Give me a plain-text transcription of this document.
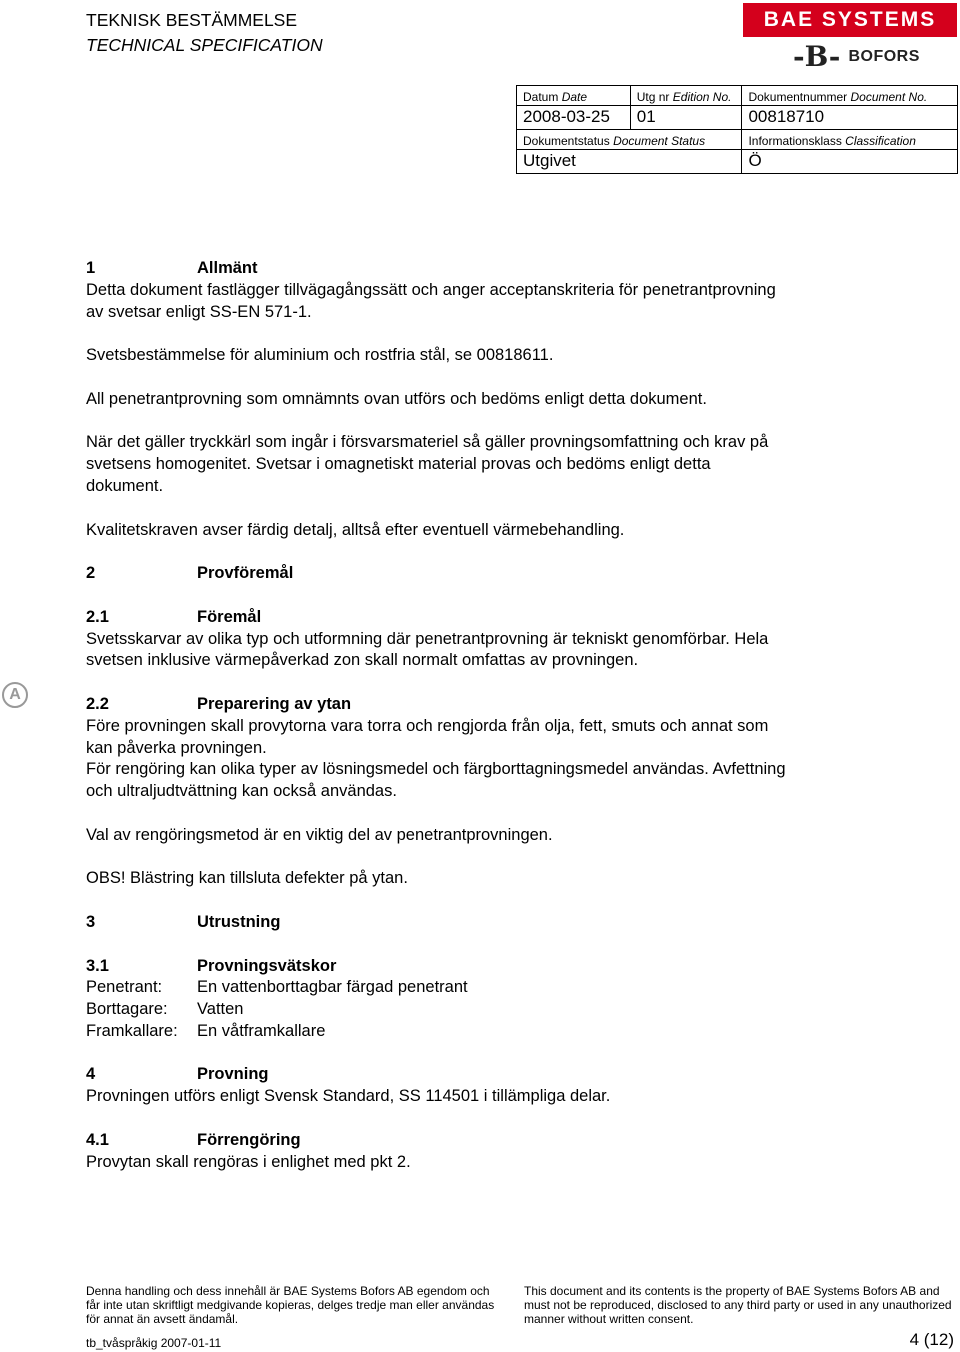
TEKNISK BESTÄMMELSE
TECHNICAL SPECIFICATION
BAE SYSTEMS
-B- BOFORS
Datum Date	Utg nr Edition No.	Dokumentnummer Document No.
2008-03-25	01	00818710
Dokumentstatus Document Status		Informationsklass Classification
Utgivet		Ö
A
1	Allmänt

Detta dokument fastlägger tillvägagångssätt och anger acceptanskriteria för penetrantprovning av svetsar enligt SS-EN 571-1.

Svetsbestämmelse för aluminium och rostfria stål, se 00818611.

All penetrantprovning som omnämnts ovan utförs och bedöms enligt detta dokument.

När det gäller tryckkärl som ingår i försvarsmateriel så gäller provningsomfattning och krav på svetsens homogenitet. Svetsar i omagnetiskt material provas och bedöms enligt detta dokument.

Kvalitetskraven avser färdig detalj, alltså efter eventuell värmebehandling.

2	Provföremål

2.1	Föremål

Svetsskarvar av olika typ och utformning där penetrantprovning är tekniskt genomförbar. Hela svetsen inklusive värmepåverkad zon skall normalt omfattas av provningen.

2.2	Preparering av ytan

Före provningen skall provytorna vara torra och rengjorda från olja, fett, smuts och annat som kan påverka provningen.

För rengöring kan olika typer av lösningsmedel och färgborttagningsmedel användas. Avfettning och ultraljudtvättning kan också användas.

Val av rengöringsmetod är en viktig del av penetrantprovningen.

OBS! Blästring kan tillsluta defekter på ytan.

3	Utrustning

3.1	Provningsvätskor
Penetrant:	En vattenborttagbar färgad penetrant
Borttagare:	Vatten

Framkallare:	En våtframkallare

4	Provning

Provningen utförs enligt Svensk Standard, SS 114501 i tillämpliga delar.

4.1	Förrengöring

Provytan skall rengöras i enlighet med pkt 2.

Denna handling och dess innehåll är BAE Systems Bofors AB egendom och får inte utan skriftligt medgivande kopieras, delges tredje man eller användas för annat än avsett ändamål.
This document and its contents is the property of BAE Systems Bofors AB and must not be reproduced, disclosed to any third party or used in any unauthorized manner without written consent.
tb_tvåspråkig 2007-01-11	4 (12)
